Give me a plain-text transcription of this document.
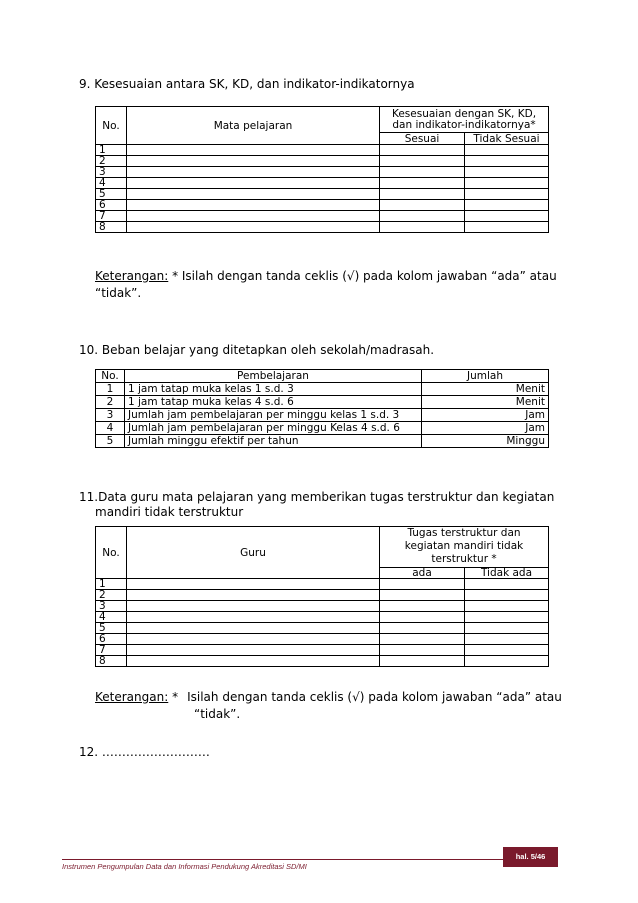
9. Kesesuaian antara SK, KD, dan indikator-indikatornya
No.	Mata pelajaran	Kesesuaian dengan SK, KD,
dan indikator-indikatornya*	

		Sesuai	Tidak Sesuai
1			
2			
3			
4			
5			
6			
7			
8			
Keterangan: * Isilah dengan tanda ceklis (√) pada kolom jawaban “ada” atau
“tidak”.
10. Beban belajar yang ditetapkan oleh sekolah/madrasah.
No.	Pembelajaran	Jumlah
1	1 jam tatap muka kelas 1 s.d. 3	Menit
2	1 jam tatap muka kelas 4 s.d. 6	Menit
3	Jumlah jam pembelajaran per minggu kelas 1 s.d. 3	Jam
4	Jumlah jam pembelajaran per minggu Kelas 4 s.d. 6	Jam
5	Jumlah minggu efektif per tahun	Minggu
11.Data guru mata pelajaran yang memberikan tugas terstruktur dan kegiatan
mandiri tidak terstruktur
No.	Guru	Tugas terstruktur dan
kegiatan mandiri tidak
terstruktur *	

		ada	Tidak ada
1			
2			
3			
4			
5			
6			
7			
8			
Keterangan: * Isilah dengan tanda ceklis (√) pada kolom jawaban “ada” atau
“tidak”.
12. ………………………
hal. 5/46
Instrumen Pengumpulan Data dan Informasi Pendukung Akreditasi SD/MI
